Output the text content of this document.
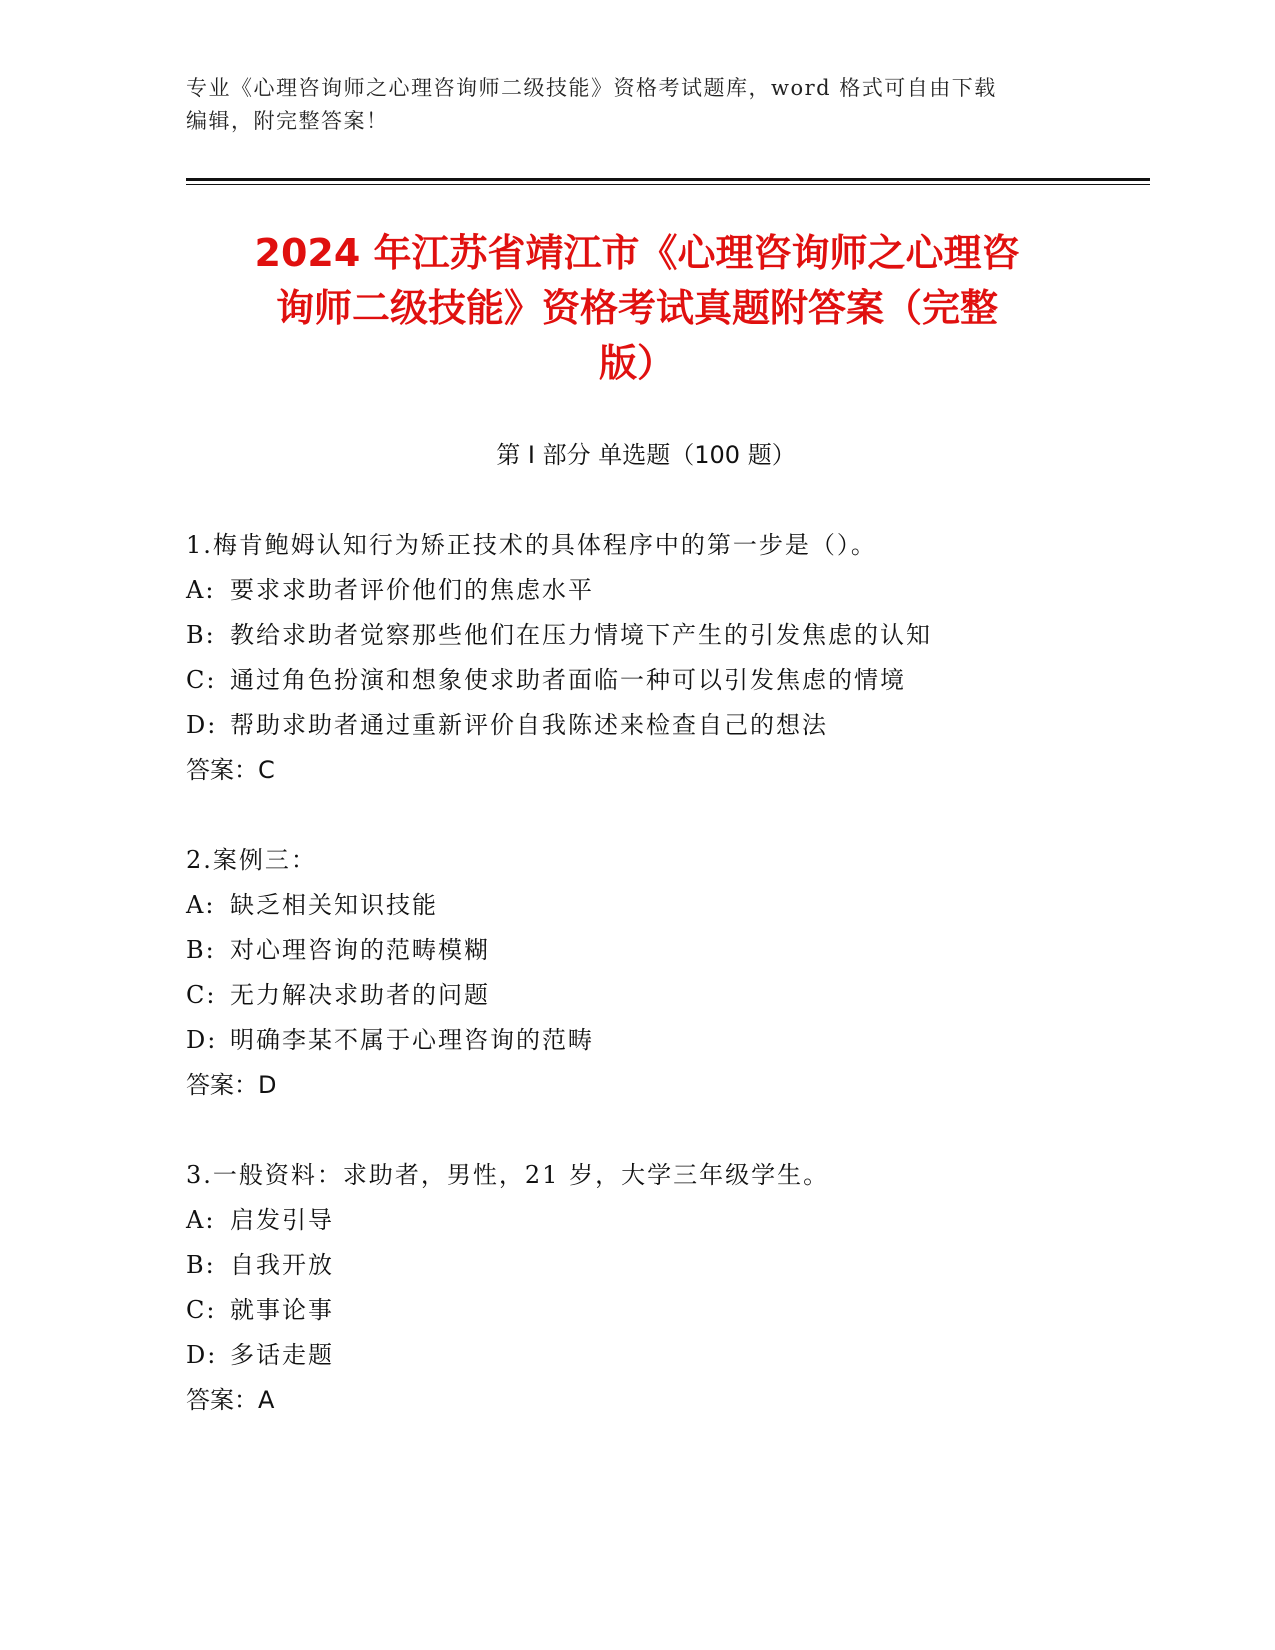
专业《心理咨询师之心理咨询师二级技能》资格考试题库，word 格式可自由下载
编辑，附完整答案！
2024 年江苏省靖江市《心理咨询师之心理咨
询师二级技能》资格考试真题附答案（完整
版）
第 I 部分 单选题（100 题）
1.梅肯鲍姆认知行为矫正技术的具体程序中的第一步是（）。
A: 要求求助者评价他们的焦虑水平
B: 教给求助者觉察那些他们在压力情境下产生的引发焦虑的认知
C: 通过角色扮演和想象使求助者面临一种可以引发焦虑的情境
D: 帮助求助者通过重新评价自我陈述来检查自己的想法
答案：C
2.案例三：
A: 缺乏相关知识技能
B: 对心理咨询的范畴模糊
C: 无力解决求助者的问题
D: 明确李某不属于心理咨询的范畴
答案：D
3.一般资料：求助者，男性，21 岁，大学三年级学生。
A: 启发引导
B: 自我开放
C: 就事论事
D: 多话走题
答案：A
